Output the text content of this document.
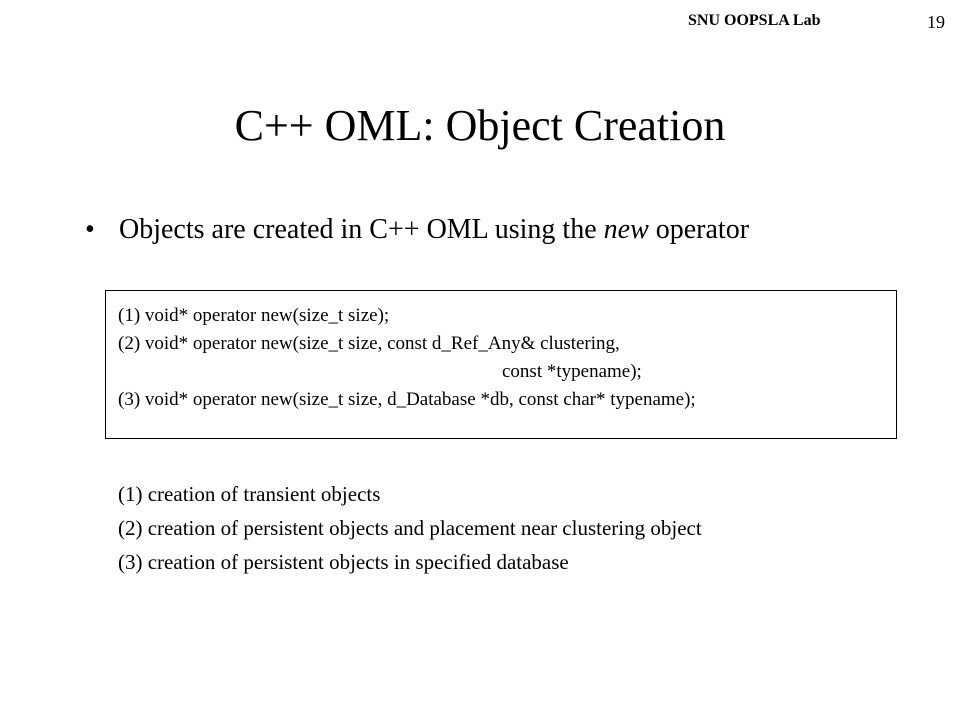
SNU OOPSLA Lab	19
C++ OML: Object Creation
• Objects are created in C++ OML using the new operator
(1) void* operator new(size_t size);
(2) void* operator new(size_t size, const d_Ref_Any& clustering,
const *typename);
(3) void* operator new(size_t size, d_Database *db, const char* typename);
(1) creation of transient objects
(2) creation of persistent objects and placement near clustering object
(3) creation of persistent objects in specified database
